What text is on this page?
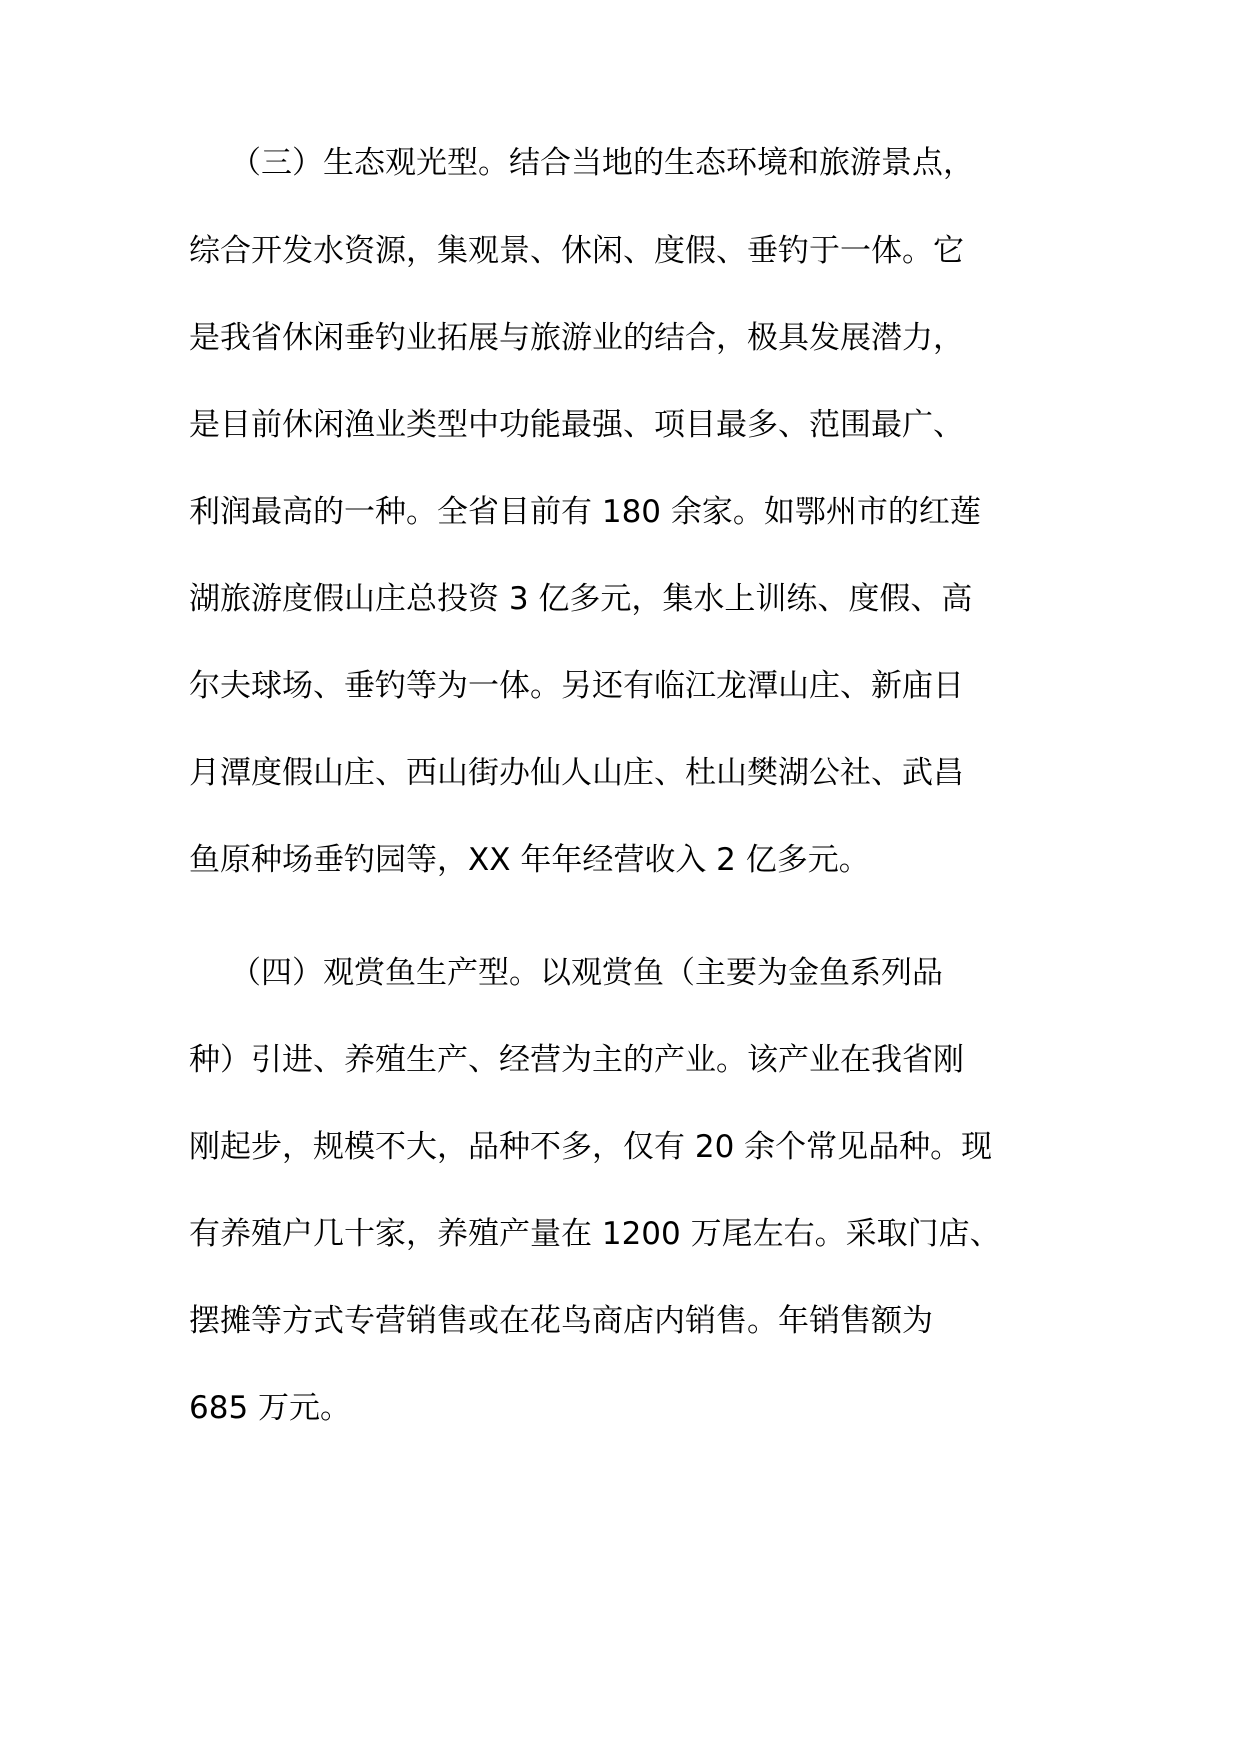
（三）生态观光型。结合当地的生态环境和旅游景点，
综合开发水资源，集观景、休闲、度假、垂钓于一体。它
是我省休闲垂钓业拓展与旅游业的结合，极具发展潜力，
是目前休闲渔业类型中功能最强、项目最多、范围最广、
利润最高的一种。全省目前有 180 余家。如鄂州市的红莲
湖旅游度假山庄总投资 3 亿多元，集水上训练、度假、高
尔夫球场、垂钓等为一体。另还有临江龙潭山庄、新庙日
月潭度假山庄、西山街办仙人山庄、杜山樊湖公社、武昌
鱼原种场垂钓园等，XX 年年经营收入 2 亿多元。
（四）观赏鱼生产型。以观赏鱼（主要为金鱼系列品
种）引进、养殖生产、经营为主的产业。该产业在我省刚
刚起步，规模不大，品种不多，仅有 20 余个常见品种。现
有养殖户几十家，养殖产量在 1200 万尾左右。采取门店、
摆摊等方式专营销售或在花鸟商店内销售。年销售额为
685 万元。
